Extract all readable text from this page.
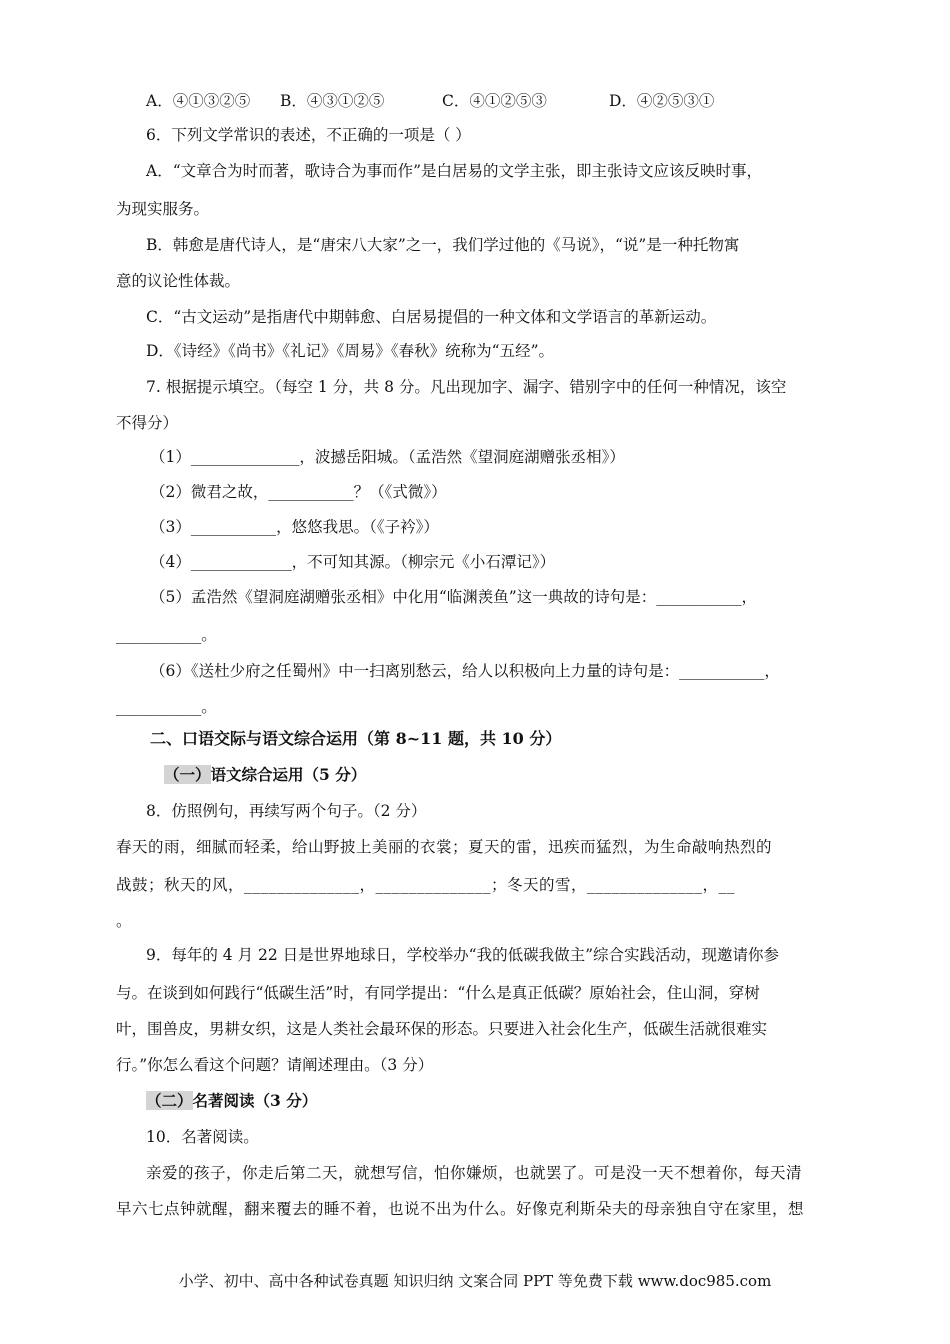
A．④①③②⑤ B．④③①②⑤	C．④①②⑤③	D．④②⑤③①
6．下列文学常识的表述，不正确的一项是（ ）
A．“文章合为时而著，歌诗合为事而作”是白居易的文学主张，即主张诗文应该反映时事，
为现实服务。
B．韩愈是唐代诗人，是“唐宋八大家”之一，我们学过他的《马说》，“说”是一种托物寓
意的议论性体裁。
C．“古文运动”是指唐代中期韩愈、白居易提倡的一种文体和文学语言的革新运动。
D．《诗经》《尚书》《礼记》《周易》《春秋》统称为“五经”。
7. 根据提示填空。（每空 1 分，共 8 分。凡出现加字、漏字、错别字中的任何一种情况，该空
不得分）
（1）______________，波撼岳阳城。（孟浩然《望洞庭湖赠张丞相》）
（2）微君之故，___________？（《式微》）
（3）___________，悠悠我思。（《子衿》）
（4）_____________，不可知其源。（柳宗元《小石潭记》）
（5）孟浩然《望洞庭湖赠张丞相》中化用“临渊羡鱼”这一典故的诗句是：___________，
___________。
（6）《送杜少府之任蜀州》中一扫离别愁云，给人以积极向上力量的诗句是：___________，
___________。
二、口语交际与语文综合运用（第 8~11 题，共 10 分）
（一）语文综合运用（5 分）
8．仿照例句，再续写两个句子。（2 分）
春天的雨，细腻而轻柔，给山野披上美丽的衣裳；夏天的雷，迅疾而猛烈，为生命敲响热烈的
战鼓；秋天的风，______________，______________；冬天的雪，______________，__
。
9．每年的 4 月 22 日是世界地球日，学校举办“我的低碳我做主”综合实践活动，现邀请你参
与。在谈到如何践行“低碳生活”时，有同学提出：“什么是真正低碳？原始社会，住山洞，穿树
叶，围兽皮，男耕女织，这是人类社会最环保的形态。只要进入社会化生产，低碳生活就很难实
行。”你怎么看这个问题？请阐述理由。（3 分）
（二）名著阅读（3 分）
10．名著阅读。
亲爱的孩子，你走后第二天，就想写信，怕你嫌烦，也就罢了。可是没一天不想着你，每天清
早六七点钟就醒，翻来覆去的睡不着，也说不出为什么。好像克利斯朵夫的母亲独自守在家里，想
小学、初中、高中各种试卷真题 知识归纳 文案合同 PPT 等免费下载 www.doc985.com
